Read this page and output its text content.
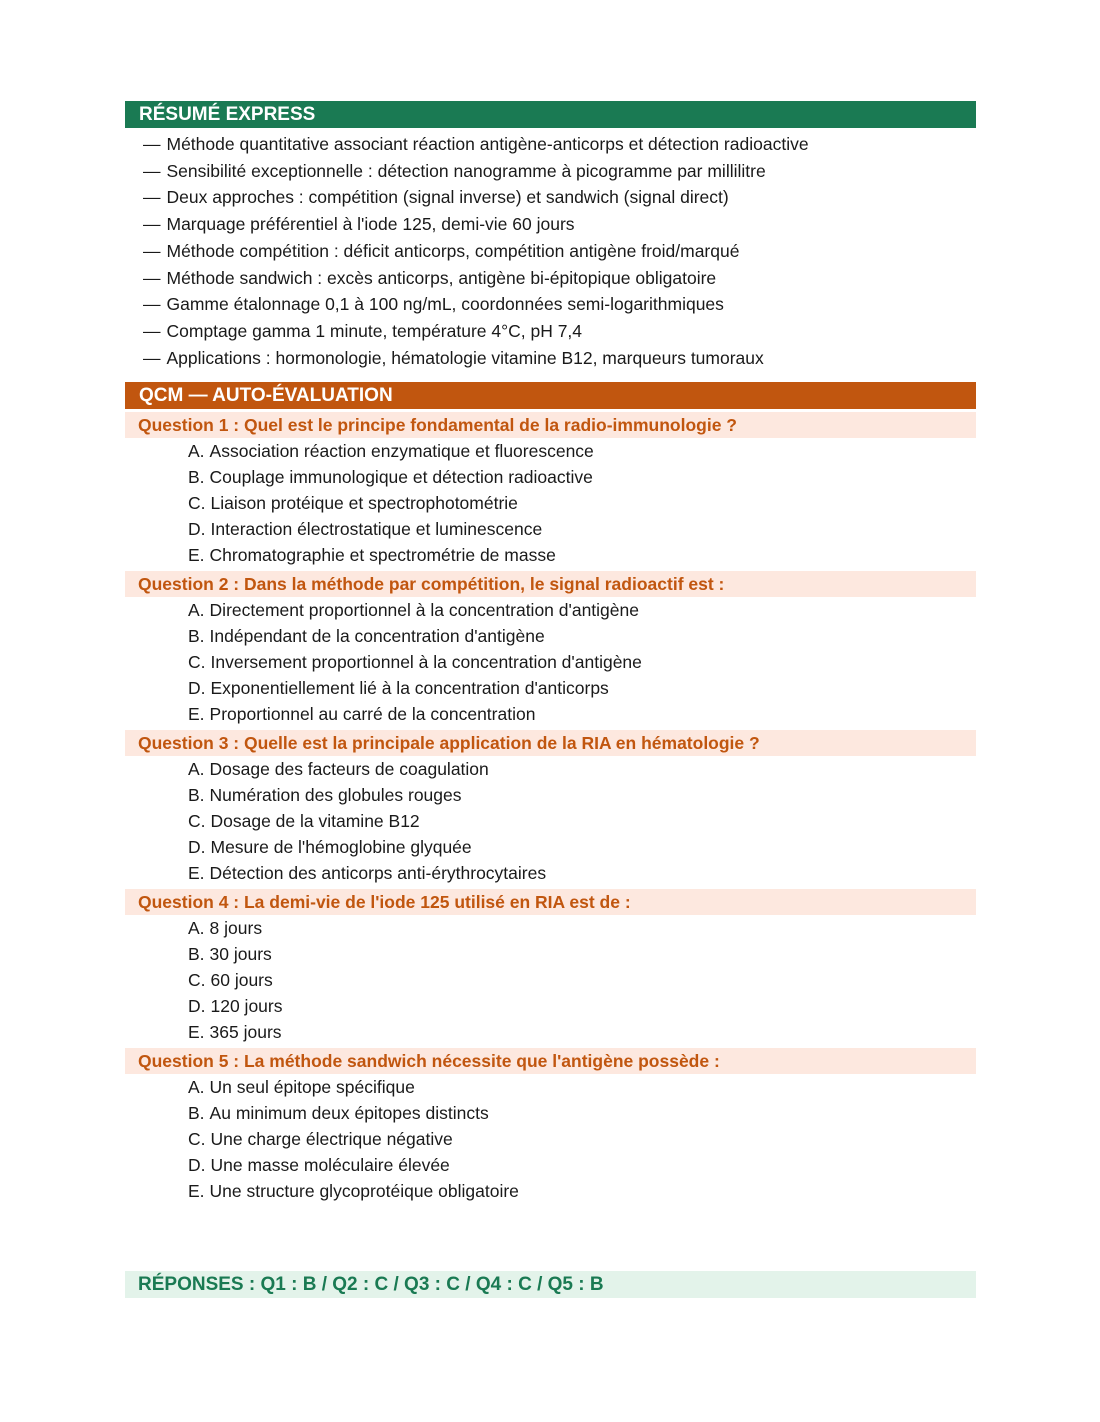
RÉSUMÉ EXPRESS
— Méthode quantitative associant réaction antigène-anticorps et détection radioactive
— Sensibilité exceptionnelle : détection nanogramme à picogramme par millilitre
— Deux approches : compétition (signal inverse) et sandwich (signal direct)
— Marquage préférentiel à l'iode 125, demi-vie 60 jours
— Méthode compétition : déficit anticorps, compétition antigène froid/marqué
— Méthode sandwich : excès anticorps, antigène bi-épitopique obligatoire
— Gamme étalonnage 0,1 à 100 ng/mL, coordonnées semi-logarithmiques
— Comptage gamma 1 minute, température 4°C, pH 7,4
— Applications : hormonologie, hématologie vitamine B12, marqueurs tumoraux
QCM — AUTO-ÉVALUATION
Question 1 : Quel est le principe fondamental de la radio-immunologie ?
A. Association réaction enzymatique et fluorescence
B. Couplage immunologique et détection radioactive
C. Liaison protéique et spectrophotométrie
D. Interaction électrostatique et luminescence
E. Chromatographie et spectrométrie de masse
Question 2 : Dans la méthode par compétition, le signal radioactif est :
A. Directement proportionnel à la concentration d'antigène
B. Indépendant de la concentration d'antigène
C. Inversement proportionnel à la concentration d'antigène
D. Exponentiellement lié à la concentration d'anticorps
E. Proportionnel au carré de la concentration
Question 3 : Quelle est la principale application de la RIA en hématologie ?
A. Dosage des facteurs de coagulation
B. Numération des globules rouges
C. Dosage de la vitamine B12
D. Mesure de l'hémoglobine glyquée
E. Détection des anticorps anti-érythrocytaires
Question 4 : La demi-vie de l'iode 125 utilisé en RIA est de :
A. 8 jours
B. 30 jours
C. 60 jours
D. 120 jours
E. 365 jours
Question 5 : La méthode sandwich nécessite que l'antigène possède :
A. Un seul épitope spécifique
B. Au minimum deux épitopes distincts
C. Une charge électrique négative
D. Une masse moléculaire élevée
E. Une structure glycoprotéique obligatoire
RÉPONSES : Q1 : B / Q2 : C / Q3 : C / Q4 : C / Q5 : B
